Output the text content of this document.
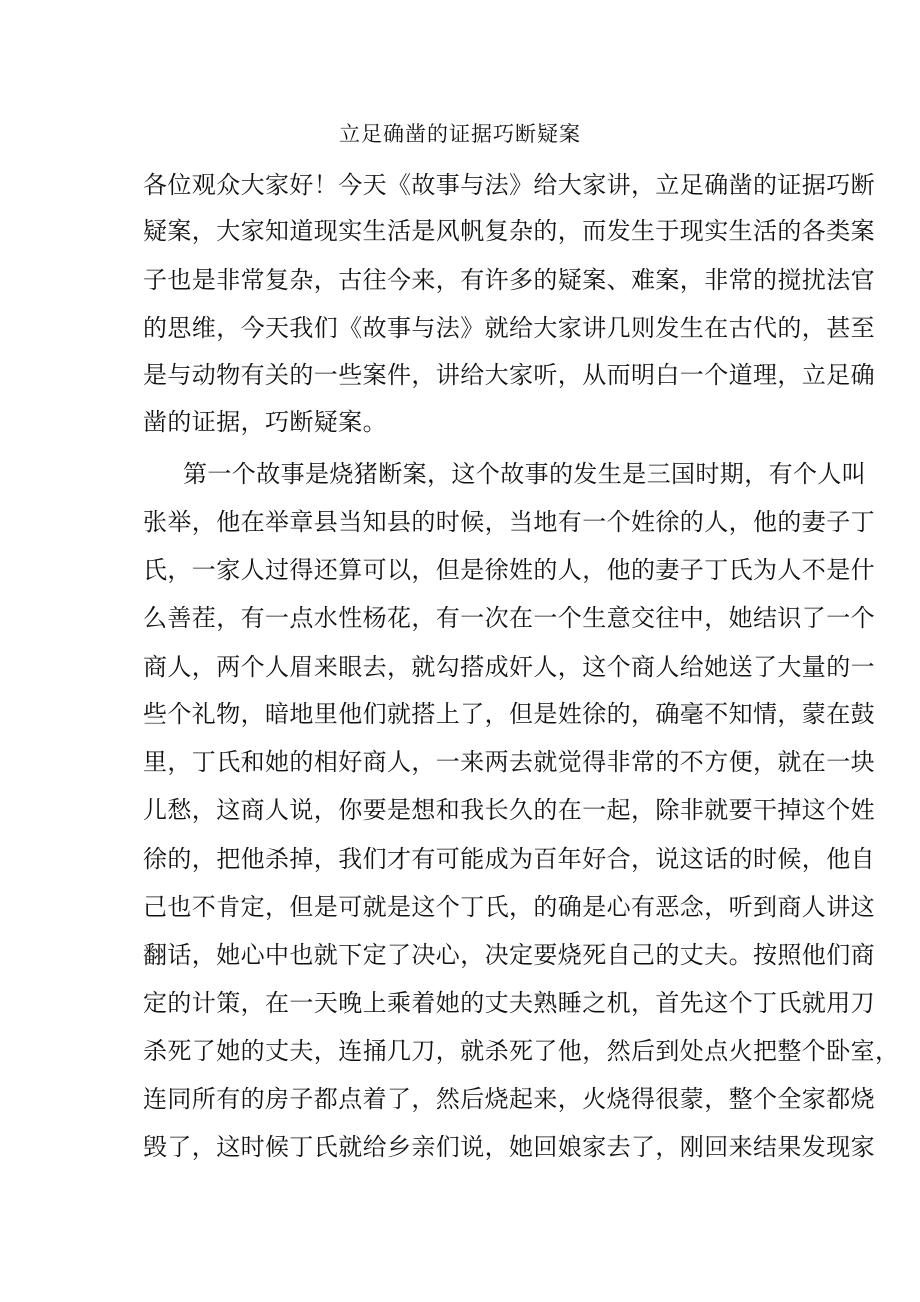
立足确凿的证据巧断疑案
各位观众大家好！今天《故事与法》给大家讲，立足确凿的证据巧断
疑案，大家知道现实生活是风帆复杂的，而发生于现实生活的各类案
子也是非常复杂，古往今来，有许多的疑案、难案，非常的搅扰法官
的思维，今天我们《故事与法》就给大家讲几则发生在古代的，甚至
是与动物有关的一些案件，讲给大家听，从而明白一个道理，立足确
凿的证据，巧断疑案。
第一个故事是烧猪断案，这个故事的发生是三国时期，有个人叫
张举，他在举章县当知县的时候，当地有一个姓徐的人，他的妻子丁
氏，一家人过得还算可以，但是徐姓的人，他的妻子丁氏为人不是什
么善茬，有一点水性杨花，有一次在一个生意交往中，她结识了一个
商人，两个人眉来眼去，就勾搭成奸人，这个商人给她送了大量的一
些个礼物，暗地里他们就搭上了，但是姓徐的，确毫不知情，蒙在鼓
里，丁氏和她的相好商人，一来两去就觉得非常的不方便，就在一块
儿愁，这商人说，你要是想和我长久的在一起，除非就要干掉这个姓
徐的，把他杀掉，我们才有可能成为百年好合，说这话的时候，他自
己也不肯定，但是可就是这个丁氏，的确是心有恶念，听到商人讲这
翻话，她心中也就下定了决心，决定要烧死自己的丈夫。按照他们商
定的计策，在一天晚上乘着她的丈夫熟睡之机，首先这个丁氏就用刀
杀死了她的丈夫，连捅几刀，就杀死了他，然后到处点火把整个卧室，
连同所有的房子都点着了，然后烧起来，火烧得很蒙，整个全家都烧
毁了，这时候丁氏就给乡亲们说，她回娘家去了，刚回来结果发现家
